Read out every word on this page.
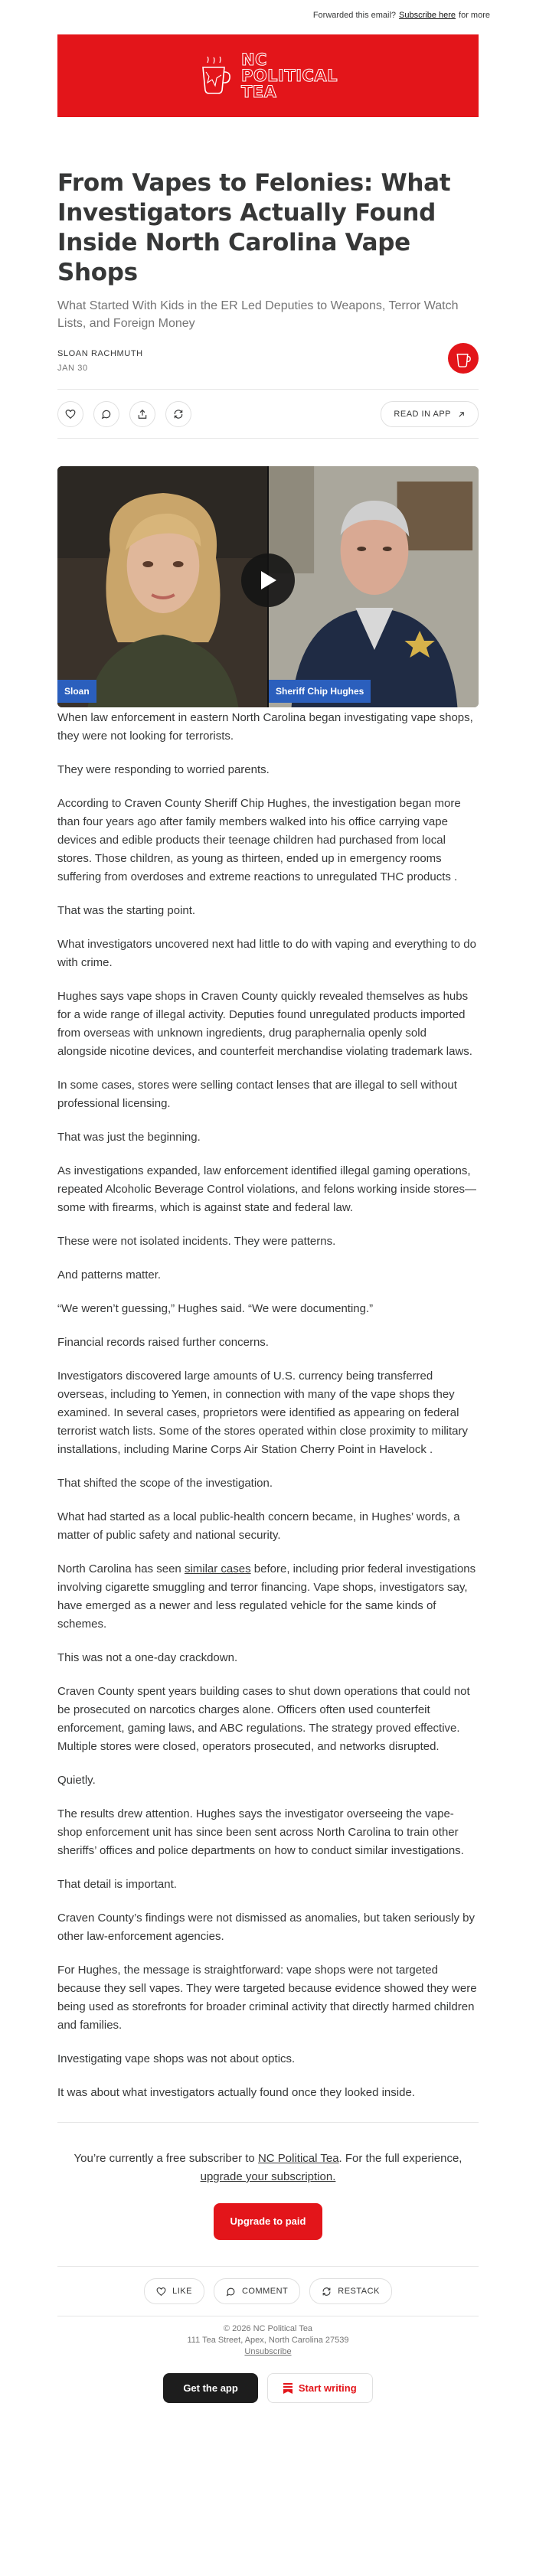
Forwarded this email? Subscribe here for more
NC
POLITICAL
TEA
From Vapes to Felonies: What Investigators Actually Found Inside North Carolina Vape Shops
What Started With Kids in the ER Led Deputies to Weapons, Terror Watch Lists, and Foreign Money
SLOAN RACHMUTH
JAN 30
READ IN APP
Sloan	Sheriff Chip Hughes

When law enforcement in eastern North Carolina began investigating vape shops, they were not looking for terrorists.

They were responding to worried parents.

According to Craven County Sheriff Chip Hughes, the investigation began more than four years ago after family members walked into his office carrying vape devices and edible products their teenage children had purchased from local stores. Those children, as young as thirteen, ended up in emergency rooms suffering from overdoses and extreme reactions to unregulated THC products .

That was the starting point.

What investigators uncovered next had little to do with vaping and everything to do with crime.

Hughes says vape shops in Craven County quickly revealed themselves as hubs for a wide range of illegal activity. Deputies found unregulated products imported from overseas with unknown ingredients, drug paraphernalia openly sold alongside nicotine devices, and counterfeit merchandise violating trademark laws.

In some cases, stores were selling contact lenses that are illegal to sell without professional licensing.

That was just the beginning.

As investigations expanded, law enforcement identified illegal gaming operations, repeated Alcoholic Beverage Control violations, and felons working inside stores—some with firearms, which is against state and federal law.

These were not isolated incidents. They were patterns.

And patterns matter.

“We weren’t guessing,” Hughes said. “We were documenting.”

Financial records raised further concerns.

Investigators discovered large amounts of U.S. currency being transferred overseas, including to Yemen, in connection with many of the vape shops they examined. In several cases, proprietors were identified as appearing on federal terrorist watch lists. Some of the stores operated within close proximity to military installations, including Marine Corps Air Station Cherry Point in Havelock .

That shifted the scope of the investigation.

What had started as a local public-health concern became, in Hughes’ words, a matter of public safety and national security.

North Carolina has seen similar cases before, including prior federal investigations involving cigarette smuggling and terror financing. Vape shops, investigators say, have emerged as a newer and less regulated vehicle for the same kinds of schemes.

This was not a one-day crackdown.

Craven County spent years building cases to shut down operations that could not be prosecuted on narcotics charges alone. Officers often used counterfeit enforcement, gaming laws, and ABC regulations. The strategy proved effective. Multiple stores were closed, operators prosecuted, and networks disrupted.

Quietly.

The results drew attention. Hughes says the investigator overseeing the vape-shop enforcement unit has since been sent across North Carolina to train other sheriffs’ offices and police departments on how to conduct similar investigations.

That detail is important.

Craven County’s findings were not dismissed as anomalies, but taken seriously by other law-enforcement agencies.

For Hughes, the message is straightforward: vape shops were not targeted because they sell vapes. They were targeted because evidence showed they were being used as storefronts for broader criminal activity that directly harmed children and families.

Investigating vape shops was not about optics.

It was about what investigators actually found once they looked inside.

You’re currently a free subscriber to NC Political Tea. For the full experience, upgrade your subscription.
Upgrade to paid
LIKE	COMMENT	RESTACK
© 2026 NC Political Tea
111 Tea Street, Apex, North Carolina 27539
Unsubscribe
Get the app	Start writing
